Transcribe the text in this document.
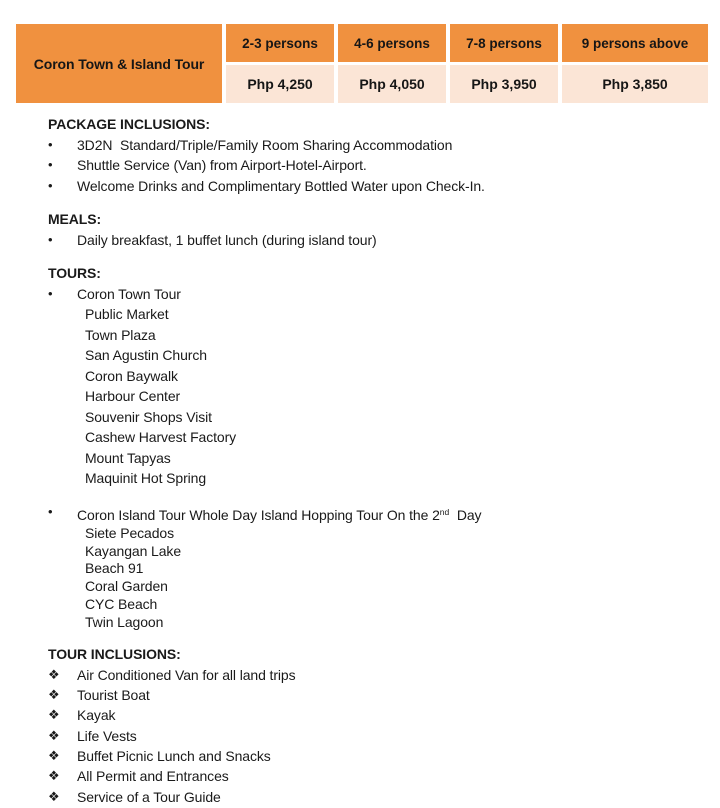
Coron Town & Island Tour
2-3 persons	4-6 persons	7-8 persons	9 persons above
Php 4,250	Php 4,050	Php 3,950	Php 3,850
PACKAGE INCLUSIONS:
•	3D2N  Standard/Triple/Family Room Sharing Accommodation
•	Shuttle Service (Van) from Airport-Hotel-Airport.
•	Welcome Drinks and Complimentary Bottled Water upon Check-In.
MEALS:
•	Daily breakfast, 1 buffet lunch (during island tour)
TOURS:
•	Coron Town Tour
Public Market
Town Plaza
San Agustin Church
Coron Baywalk
Harbour Center
Souvenir Shops Visit
Cashew Harvest Factory
Mount Tapyas
Maquinit Hot Spring
•	Coron Island Tour Whole Day Island Hopping Tour On the 2nd  Day
Siete Pecados
Kayangan Lake
Beach 91
Coral Garden
CYC Beach
Twin Lagoon
TOUR INCLUSIONS:
❖	Air Conditioned Van for all land trips
❖	Tourist Boat
❖	Kayak
❖	Life Vests
❖	Buffet Picnic Lunch and Snacks
❖	All Permit and Entrances
❖	Service of a Tour Guide
